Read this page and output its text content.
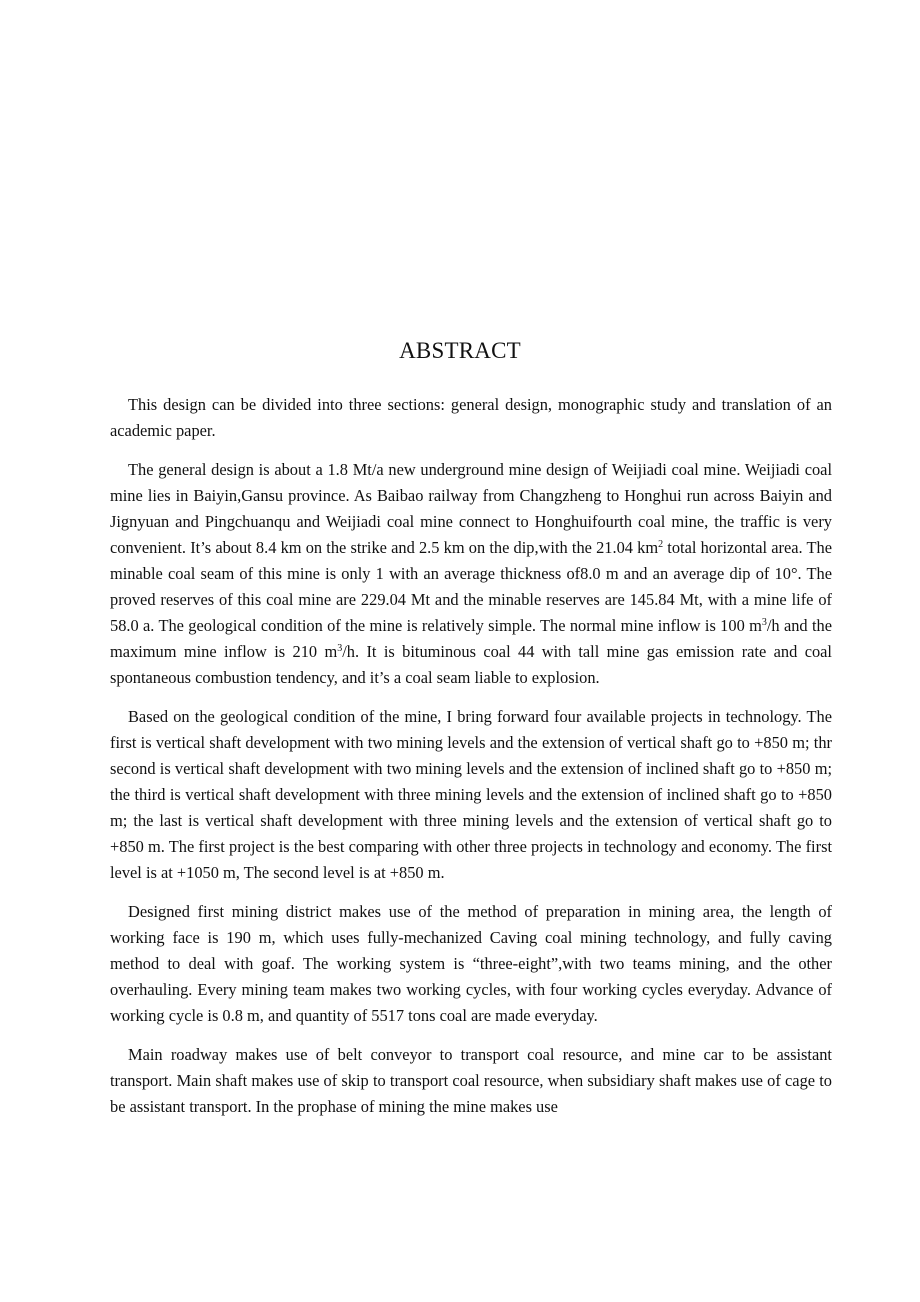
ABSTRACT

This design can be divided into three sections: general design, monographic study and translation of an academic paper.

The general design is about a 1.8 Mt/a new underground mine design of Weijiadi coal mine. Weijiadi coal mine lies in Baiyin,Gansu province. As Baibao railway from Changzheng to Honghui run across Baiyin and Jignyuan and Pingchuanqu and Weijiadi coal mine connect to Honghuifourth coal mine, the traffic is very convenient. It’s about 8.4 km on the strike and 2.5 km on the dip,with the 21.04 $km^2$ total horizontal area. The minable coal seam of this mine is only 1 with an average thickness of8.0 m and an average dip of 10°. The proved reserves of this coal mine are 229.04 Mt and the minable reserves are 145.84 Mt, with a mine life of 58.0 a. The geological condition of the mine is relatively simple. The normal mine inflow is 100 $m^3/h$ and the maximum mine inflow is 210 $m^3/h$. It is bituminous coal 44 with tall mine gas emission rate and coal spontaneous combustion tendency, and it’s a coal seam liable to explosion.

Based on the geological condition of the mine, I bring forward four available projects in technology. The first is vertical shaft development with two mining levels and the extension of vertical shaft go to +850 m; thr second is vertical shaft development with two mining levels and the extension of inclined shaft go to +850 m; the third is vertical shaft development with three mining levels and the extension of inclined shaft go to +850 m; the last is vertical shaft development with three mining levels and the extension of vertical shaft go to +850 m. The first project is the best comparing with other three projects in technology and economy. The first level is at +1050 m, The second level is at +850 m.

Designed first mining district makes use of the method of preparation in mining area, the length of working face is 190 m, which uses fully-mechanized Caving coal mining technology, and fully caving method to deal with goaf. The working system is “three-eight”,with two teams mining, and the other overhauling. Every mining team makes two working cycles, with four working cycles everyday. Advance of working cycle is 0.8 m, and quantity of 5517 tons coal are made everyday.

Main roadway makes use of belt conveyor to transport coal resource, and mine car to be assistant transport. Main shaft makes use of skip to transport coal resource, when subsidiary shaft makes use of cage to be assistant transport. In the prophase of mining the mine makes use
